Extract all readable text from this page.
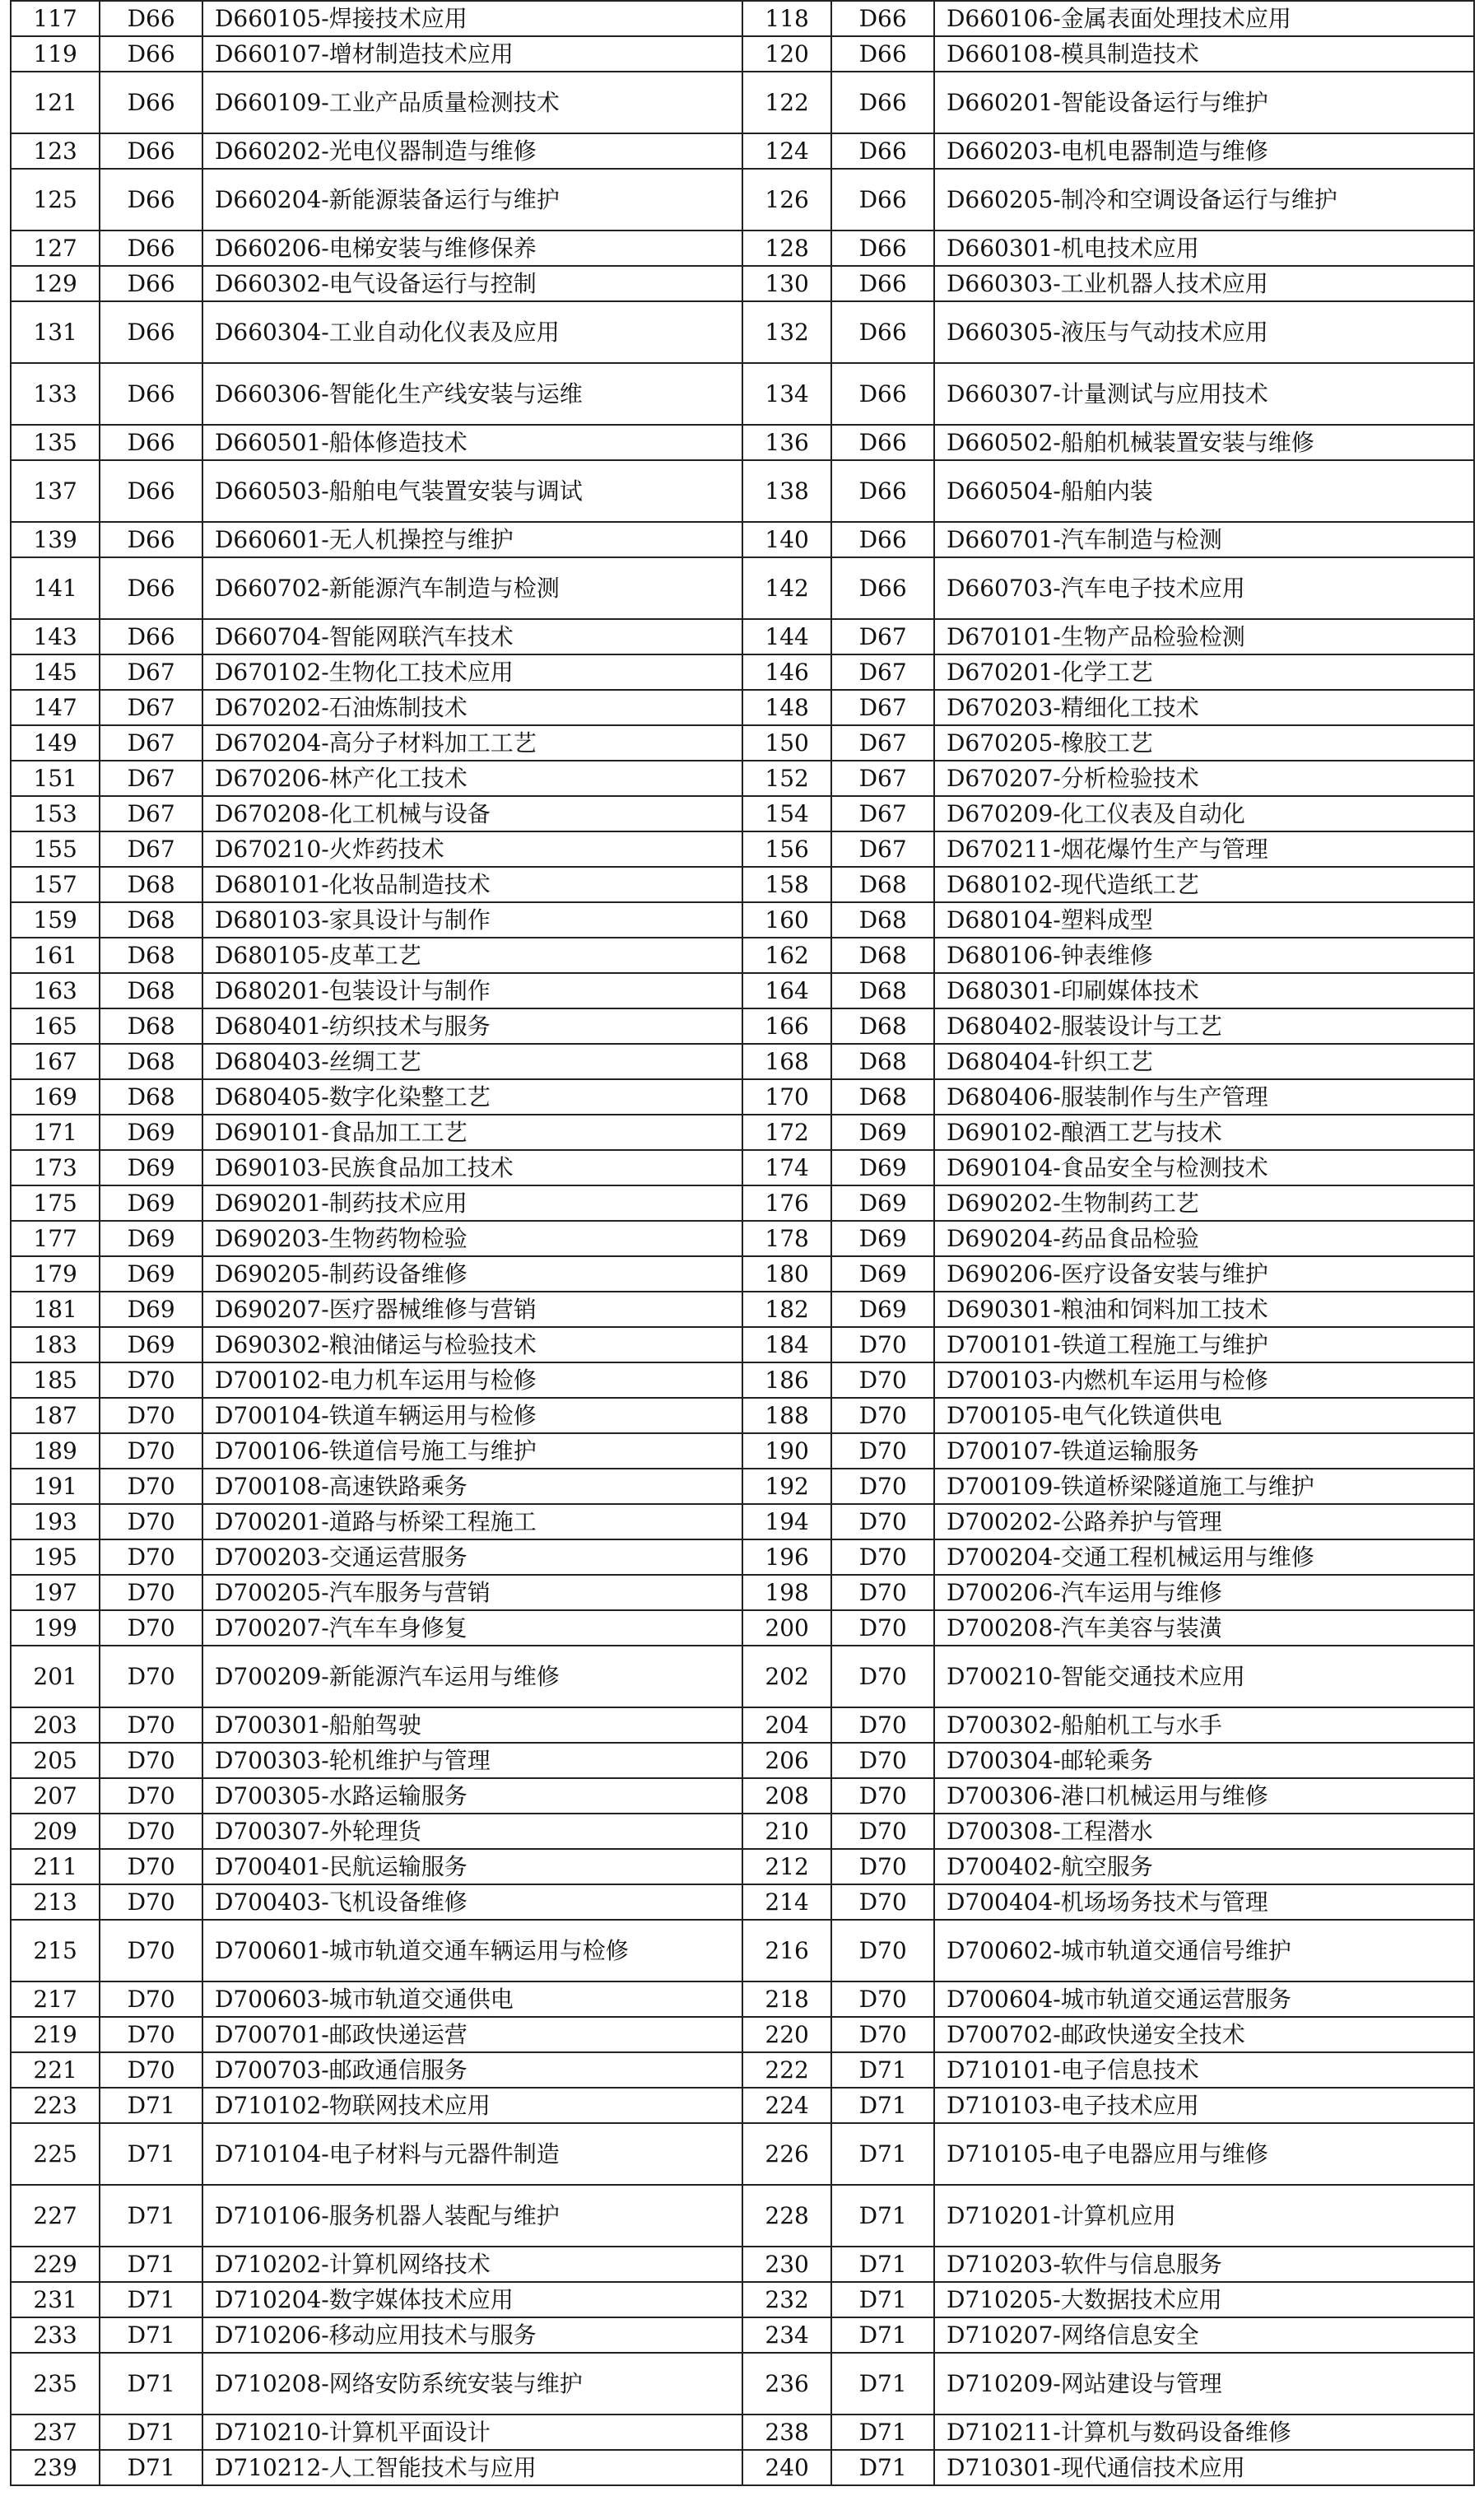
117	D66	D660105-焊接技术应用	118	D66	D660106-金属表面处理技术应用
119	D66	D660107-增材制造技术应用	120	D66	D660108-模具制造技术
121	D66	D660109-工业产品质量检测技术	122	D66	D660201-智能设备运行与维护
123	D66	D660202-光电仪器制造与维修	124	D66	D660203-电机电器制造与维修
125	D66	D660204-新能源装备运行与维护	126	D66	D660205-制冷和空调设备运行与维护
127	D66	D660206-电梯安装与维修保养	128	D66	D660301-机电技术应用
129	D66	D660302-电气设备运行与控制	130	D66	D660303-工业机器人技术应用
131	D66	D660304-工业自动化仪表及应用	132	D66	D660305-液压与气动技术应用
133	D66	D660306-智能化生产线安装与运维	134	D66	D660307-计量测试与应用技术
135	D66	D660501-船体修造技术	136	D66	D660502-船舶机械装置安装与维修
137	D66	D660503-船舶电气装置安装与调试	138	D66	D660504-船舶内装
139	D66	D660601-无人机操控与维护	140	D66	D660701-汽车制造与检测
141	D66	D660702-新能源汽车制造与检测	142	D66	D660703-汽车电子技术应用
143	D66	D660704-智能网联汽车技术	144	D67	D670101-生物产品检验检测
145	D67	D670102-生物化工技术应用	146	D67	D670201-化学工艺
147	D67	D670202-石油炼制技术	148	D67	D670203-精细化工技术
149	D67	D670204-高分子材料加工工艺	150	D67	D670205-橡胶工艺
151	D67	D670206-林产化工技术	152	D67	D670207-分析检验技术
153	D67	D670208-化工机械与设备	154	D67	D670209-化工仪表及自动化
155	D67	D670210-火炸药技术	156	D67	D670211-烟花爆竹生产与管理
157	D68	D680101-化妆品制造技术	158	D68	D680102-现代造纸工艺
159	D68	D680103-家具设计与制作	160	D68	D680104-塑料成型
161	D68	D680105-皮革工艺	162	D68	D680106-钟表维修
163	D68	D680201-包装设计与制作	164	D68	D680301-印刷媒体技术
165	D68	D680401-纺织技术与服务	166	D68	D680402-服装设计与工艺
167	D68	D680403-丝绸工艺	168	D68	D680404-针织工艺
169	D68	D680405-数字化染整工艺	170	D68	D680406-服装制作与生产管理
171	D69	D690101-食品加工工艺	172	D69	D690102-酿酒工艺与技术
173	D69	D690103-民族食品加工技术	174	D69	D690104-食品安全与检测技术
175	D69	D690201-制药技术应用	176	D69	D690202-生物制药工艺
177	D69	D690203-生物药物检验	178	D69	D690204-药品食品检验
179	D69	D690205-制药设备维修	180	D69	D690206-医疗设备安装与维护
181	D69	D690207-医疗器械维修与营销	182	D69	D690301-粮油和饲料加工技术
183	D69	D690302-粮油储运与检验技术	184	D70	D700101-铁道工程施工与维护
185	D70	D700102-电力机车运用与检修	186	D70	D700103-内燃机车运用与检修
187	D70	D700104-铁道车辆运用与检修	188	D70	D700105-电气化铁道供电
189	D70	D700106-铁道信号施工与维护	190	D70	D700107-铁道运输服务
191	D70	D700108-高速铁路乘务	192	D70	D700109-铁道桥梁隧道施工与维护
193	D70	D700201-道路与桥梁工程施工	194	D70	D700202-公路养护与管理
195	D70	D700203-交通运营服务	196	D70	D700204-交通工程机械运用与维修
197	D70	D700205-汽车服务与营销	198	D70	D700206-汽车运用与维修
199	D70	D700207-汽车车身修复	200	D70	D700208-汽车美容与装潢
201	D70	D700209-新能源汽车运用与维修	202	D70	D700210-智能交通技术应用
203	D70	D700301-船舶驾驶	204	D70	D700302-船舶机工与水手
205	D70	D700303-轮机维护与管理	206	D70	D700304-邮轮乘务
207	D70	D700305-水路运输服务	208	D70	D700306-港口机械运用与维修
209	D70	D700307-外轮理货	210	D70	D700308-工程潜水
211	D70	D700401-民航运输服务	212	D70	D700402-航空服务
213	D70	D700403-飞机设备维修	214	D70	D700404-机场场务技术与管理
215	D70	D700601-城市轨道交通车辆运用与检修	216	D70	D700602-城市轨道交通信号维护
217	D70	D700603-城市轨道交通供电	218	D70	D700604-城市轨道交通运营服务
219	D70	D700701-邮政快递运营	220	D70	D700702-邮政快递安全技术
221	D70	D700703-邮政通信服务	222	D71	D710101-电子信息技术
223	D71	D710102-物联网技术应用	224	D71	D710103-电子技术应用
225	D71	D710104-电子材料与元器件制造	226	D71	D710105-电子电器应用与维修
227	D71	D710106-服务机器人装配与维护	228	D71	D710201-计算机应用
229	D71	D710202-计算机网络技术	230	D71	D710203-软件与信息服务
231	D71	D710204-数字媒体技术应用	232	D71	D710205-大数据技术应用
233	D71	D710206-移动应用技术与服务	234	D71	D710207-网络信息安全
235	D71	D710208-网络安防系统安装与维护	236	D71	D710209-网站建设与管理
237	D71	D710210-计算机平面设计	238	D71	D710211-计算机与数码设备维修
239	D71	D710212-人工智能技术与应用	240	D71	D710301-现代通信技术应用
